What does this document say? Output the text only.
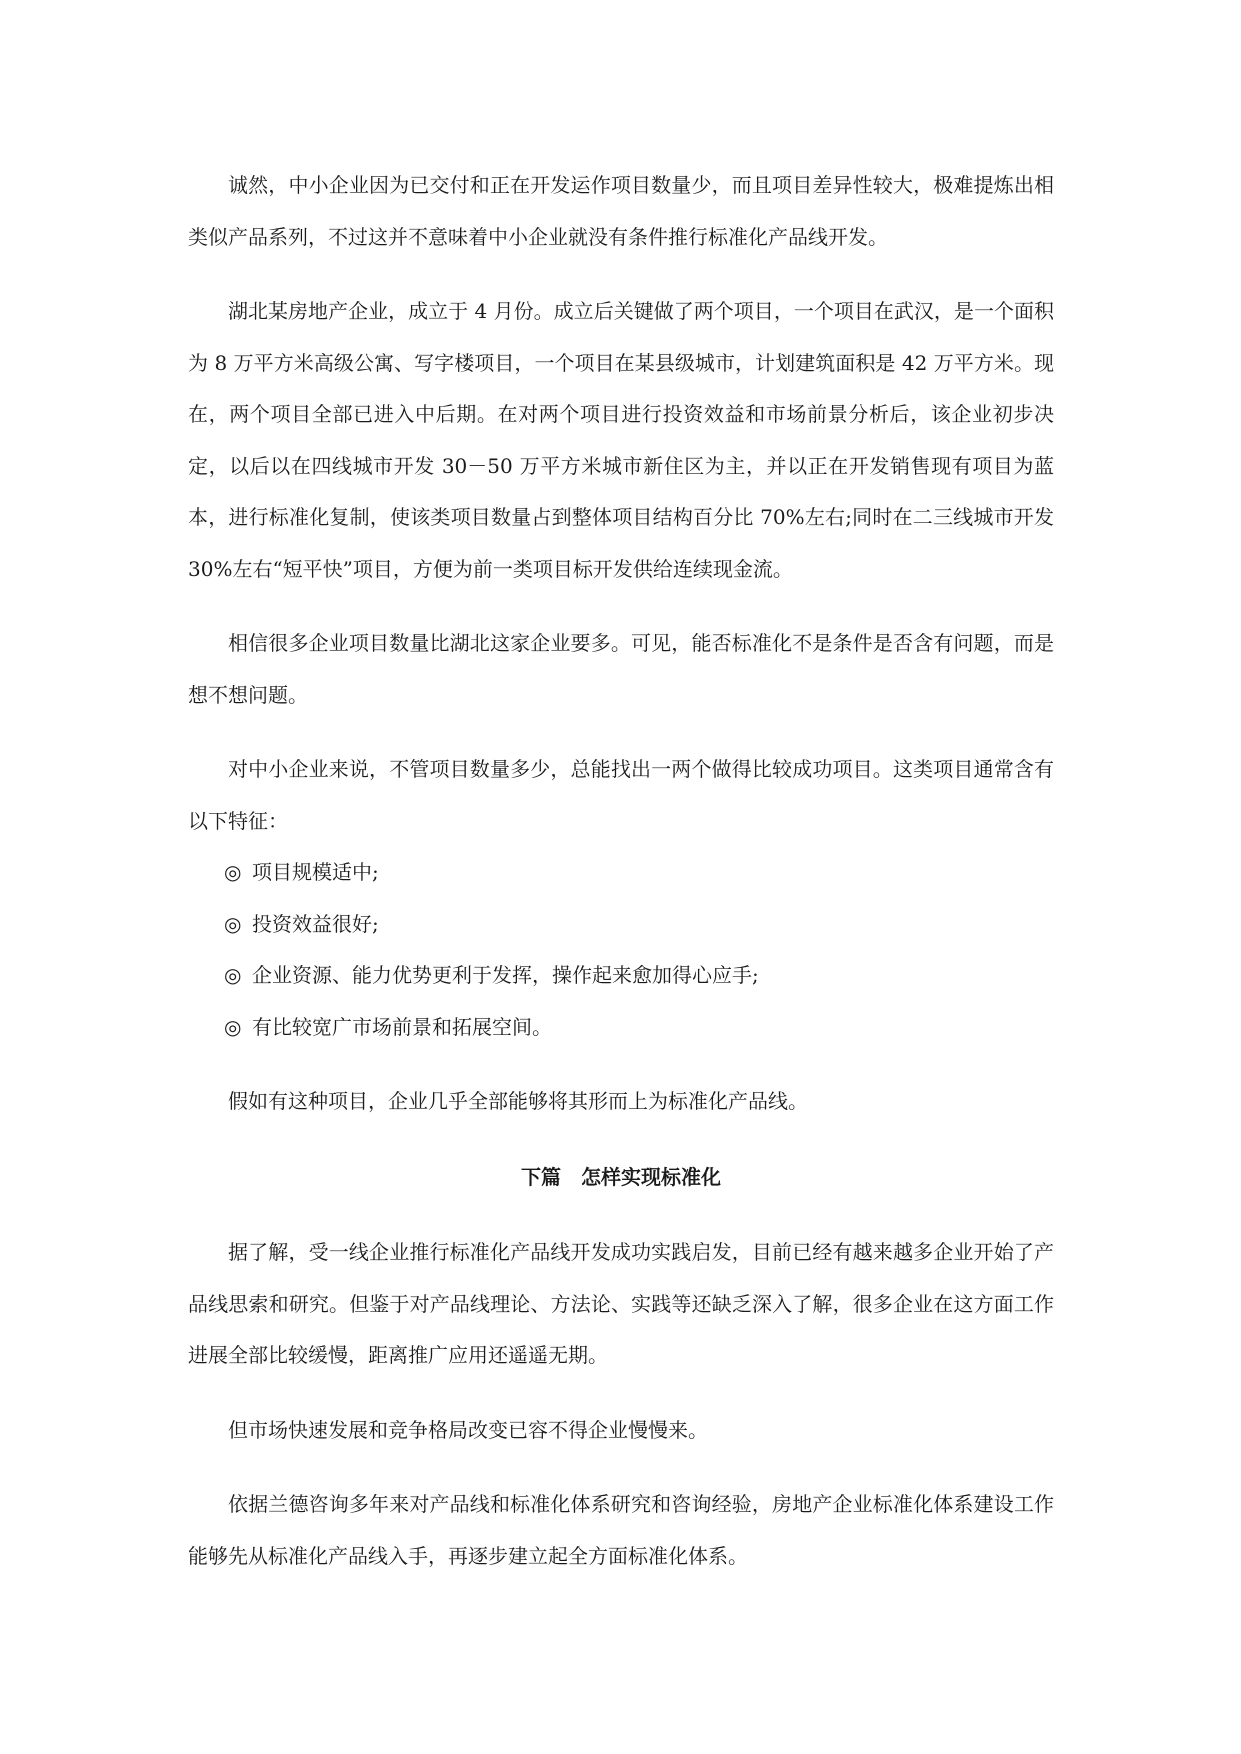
诚然，中小企业因为已交付和正在开发运作项目数量少，而且项目差异性较大，极难提炼出相类似产品系列，不过这并不意味着中小企业就没有条件推行标准化产品线开发。

湖北某房地产企业，成立于 4 月份。成立后关键做了两个项目，一个项目在武汉，是一个面积为 8 万平方米高级公寓、写字楼项目，一个项目在某县级城市，计划建筑面积是 42 万平方米。现在，两个项目全部已进入中后期。在对两个项目进行投资效益和市场前景分析后，该企业初步决定，以后以在四线城市开发 30－50 万平方米城市新住区为主，并以正在开发销售现有项目为蓝本，进行标准化复制，使该类项目数量占到整体项目结构百分比 70%左右;同时在二三线城市开发 30%左右“短平快”项目，方便为前一类项目标开发供给连续现金流。

相信很多企业项目数量比湖北这家企业要多。可见，能否标准化不是条件是否含有问题，而是想不想问题。

对中小企业来说，不管项目数量多少，总能找出一两个做得比较成功项目。这类项目通常含有以下特征：

◎ 项目规模适中;
◎ 投资效益很好;
◎ 企业资源、能力优势更利于发挥，操作起来愈加得心应手;
◎ 有比较宽广市场前景和拓展空间。

假如有这种项目，企业几乎全部能够将其形而上为标准化产品线。

下篇　怎样实现标准化

据了解，受一线企业推行标准化产品线开发成功实践启发，目前已经有越来越多企业开始了产品线思索和研究。但鉴于对产品线理论、方法论、实践等还缺乏深入了解，很多企业在这方面工作进展全部比较缓慢，距离推广应用还遥遥无期。

但市场快速发展和竞争格局改变已容不得企业慢慢来。

依据兰德咨询多年来对产品线和标准化体系研究和咨询经验，房地产企业标准化体系建设工作能够先从标准化产品线入手，再逐步建立起全方面标准化体系。
